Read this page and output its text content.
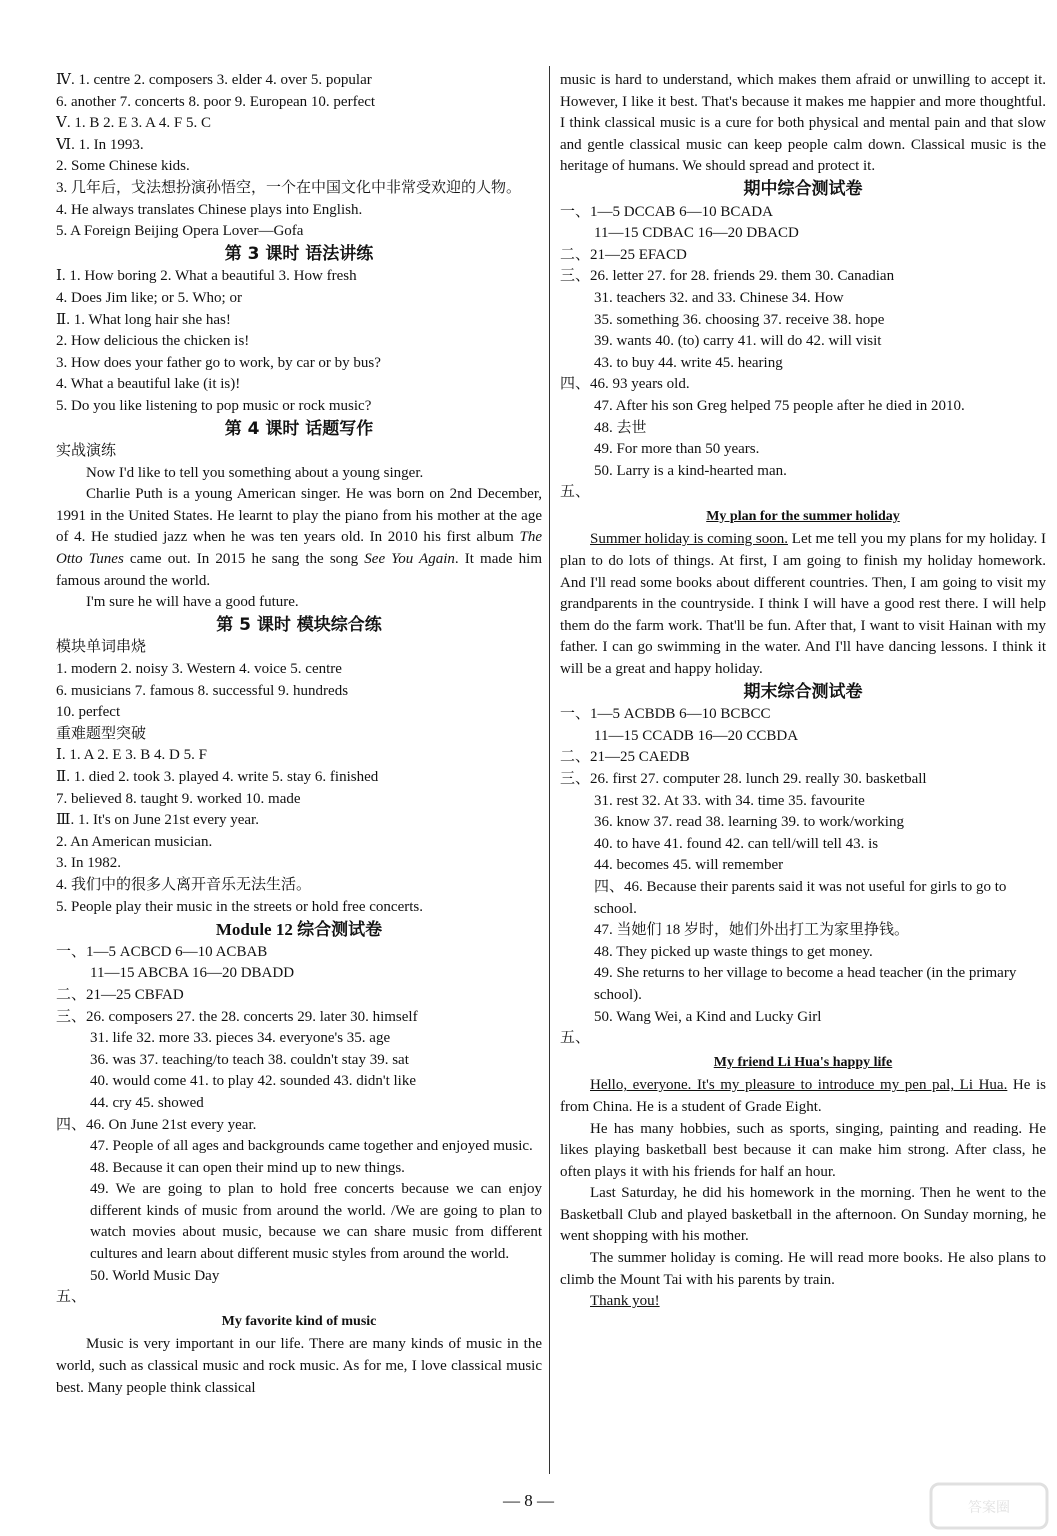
Ⅳ. 1. centre 2. composers 3. elder 4. over 5. popular
6. another 7. concerts 8. poor 9. European 10. perfect
Ⅴ. 1. B 2. E 3. A 4. F 5. C
Ⅵ. 1. In 1993.
2. Some Chinese kids.
3. 几年后，戈法想扮演孙悟空，一个在中国文化中非常受欢迎的人物。
4. He always translates Chinese plays into English.
5. A Foreign Beijing Opera Lover—Gofa
第 3 课时 语法讲练
Ⅰ. 1. How boring 2. What a beautiful 3. How fresh
4. Does Jim like; or 5. Who; or
Ⅱ. 1. What long hair she has!
2. How delicious the chicken is!
3. How does your father go to work, by car or by bus?
4. What a beautiful lake (it is)!
5. Do you like listening to pop music or rock music?
第 4 课时 话题写作
实战演练
Now I'd like to tell you something about a young singer.
Charlie Puth is a young American singer. He was born on 2nd December, 1991 in the United States. He learnt to play the piano from his mother at the age of 4. He studied jazz when he was ten years old. In 2010 his first album The Otto Tunes came out. In 2015 he sang the song See You Again. It made him famous around the world.
I'm sure he will have a good future.
第 5 课时 模块综合练
模块单词串烧
1. modern 2. noisy 3. Western 4. voice 5. centre
6. musicians 7. famous 8. successful 9. hundreds
10. perfect
重难题型突破
Ⅰ. 1. A 2. E 3. B 4. D 5. F
Ⅱ. 1. died 2. took 3. played 4. write 5. stay 6. finished
7. believed 8. taught 9. worked 10. made
Ⅲ. 1. It's on June 21st every year.
2. An American musician.
3. In 1982.
4. 我们中的很多人离开音乐无法生活。
5. People play their music in the streets or hold free concerts.
Module 12 综合测试卷
一、1—5 ACBCD 6—10 ACBAB
11—15 ABCBA 16—20 DBADD
二、21—25 CBFAD
三、26. composers 27. the 28. concerts 29. later 30. himself
31. life 32. more 33. pieces 34. everyone's 35. age
36. was 37. teaching/to teach 38. couldn't stay 39. sat
40. would come 41. to play 42. sounded 43. didn't like
44. cry 45. showed
四、46. On June 21st every year.
47. People of all ages and backgrounds came together and enjoyed music.
48. Because it can open their mind up to new things.
49. We are going to plan to hold free concerts because we can enjoy different kinds of music from around the world. /We are going to plan to watch movies about music, because we can share music from different cultures and learn about different music styles from around the world.
50. World Music Day
五、
My favorite kind of music
Music is very important in our life. There are many kinds of music in the world, such as classical music and rock music. As for me, I love classical music best. Many people think classical
music is hard to understand, which makes them afraid or unwilling to accept it. However, I like it best. That's because it makes me happier and more thoughtful. I think classical music is a cure for both physical and mental pain and that slow and gentle classical music can keep people calm down. Classical music is the heritage of humans. We should spread and protect it.
期中综合测试卷
一、1—5 DCCAB 6—10 BCADA
11—15 CDBAC 16—20 DBACD
二、21—25 EFACD
三、26. letter 27. for 28. friends 29. them 30. Canadian
31. teachers 32. and 33. Chinese 34. How
35. something 36. choosing 37. receive 38. hope
39. wants 40. (to) carry 41. will do 42. will visit
43. to buy 44. write 45. hearing
四、46. 93 years old.
47. After his son Greg helped 75 people after he died in 2010.
48. 去世
49. For more than 50 years.
50. Larry is a kind-hearted man.
五、
My plan for the summer holiday
Summer holiday is coming soon. Let me tell you my plans for my holiday. I plan to do lots of things. At first, I am going to finish my holiday homework. And I'll read some books about different countries. Then, I am going to visit my grandparents in the countryside. I think I will have a good rest there. I will help them do the farm work. That'll be fun. After that, I want to visit Hainan with my father. I can go swimming in the water. And I'll have dancing lessons. I think it will be a great and happy holiday.
期末综合测试卷
一、1—5 ACBDB 6—10 BCBCC
11—15 CCADB 16—20 CCBDA
二、21—25 CAEDB
三、26. first 27. computer 28. lunch 29. really 30. basketball
31. rest 32. At 33. with 34. time 35. favourite
36. know 37. read 38. learning 39. to work/working
40. to have 41. found 42. can tell/will tell 43. is
44. becomes 45. will remember
四、46. Because their parents said it was not useful for girls to go to school.
47. 当她们 18 岁时，她们外出打工为家里挣钱。
48. They picked up waste things to get money.
49. She returns to her village to become a head teacher (in the primary school).
50. Wang Wei, a Kind and Lucky Girl
五、
My friend Li Hua's happy life
Hello, everyone. It's my pleasure to introduce my pen pal, Li Hua. He is from China. He is a student of Grade Eight.
He has many hobbies, such as sports, singing, painting and reading. He likes playing basketball best because it can make him strong. After class, he often plays it with his friends for half an hour.
Last Saturday, he did his homework in the morning. Then he went to the Basketball Club and played basketball in the afternoon. On Sunday morning, he went shopping with his mother.
The summer holiday is coming. He will read more books. He also plans to climb the Mount Tai with his parents by train.
Thank you!
— 8 —	答案圈
